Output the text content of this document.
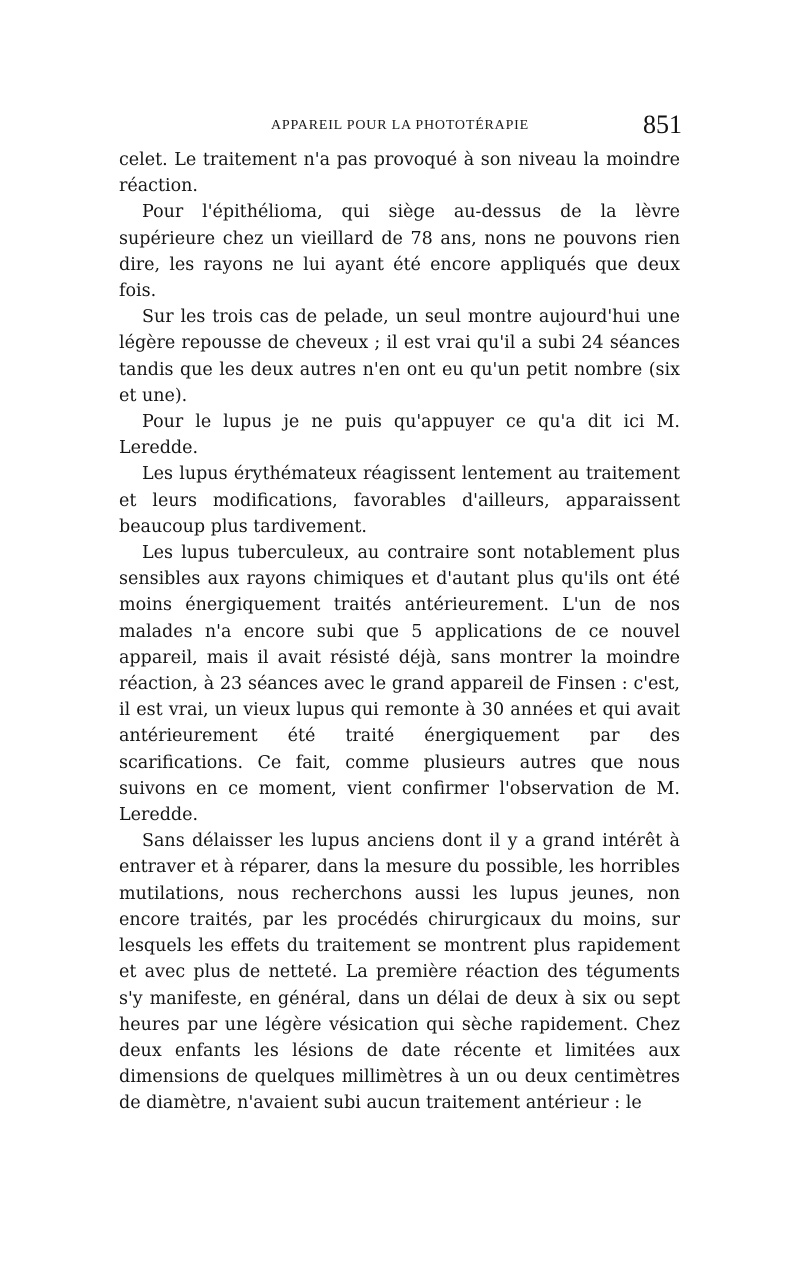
APPAREIL POUR LA PHOTOTÉRAPIE	851

celet. Le traitement n'a pas provoqué à son niveau la moindre réaction.

Pour l'épithélioma, qui siège au-dessus de la lèvre supérieure chez un vieillard de 78 ans, nons ne pouvons rien dire, les rayons ne lui ayant été encore appliqués que deux fois.

Sur les trois cas de pelade, un seul montre aujourd'hui une légère repousse de cheveux ; il est vrai qu'il a subi 24 séances tandis que les deux autres n'en ont eu qu'un petit nombre (six et une).

Pour le lupus je ne puis qu'appuyer ce qu'a dit ici M. Leredde.

Les lupus érythémateux réagissent lentement au traitement et leurs modifications, favorables d'ailleurs, apparaissent beaucoup plus tardivement.

Les lupus tuberculeux, au contraire sont notablement plus sensibles aux rayons chimiques et d'autant plus qu'ils ont été moins énergiquement traités antérieurement. L'un de nos malades n'a encore subi que 5 applications de ce nouvel appareil, mais il avait résisté déjà, sans montrer la moindre réaction, à 23 séances avec le grand appareil de Finsen : c'est, il est vrai, un vieux lupus qui remonte à 30 années et qui avait antérieurement été traité énergiquement par des scarifications. Ce fait, comme plusieurs autres que nous suivons en ce moment, vient confirmer l'observation de M. Leredde.

Sans délaisser les lupus anciens dont il y a grand intérêt à entraver et à réparer, dans la mesure du possible, les horribles mutilations, nous recherchons aussi les lupus jeunes, non encore traités, par les procédés chirurgicaux du moins, sur lesquels les effets du traitement se montrent plus rapidement et avec plus de netteté. La première réaction des téguments s'y manifeste, en général, dans un délai de deux à six ou sept heures par une légère vésication qui sèche rapidement. Chez deux enfants les lésions de date récente et limitées aux dimensions de quelques millimètres à un ou deux centimètres de diamètre, n'avaient subi aucun traitement antérieur : le
